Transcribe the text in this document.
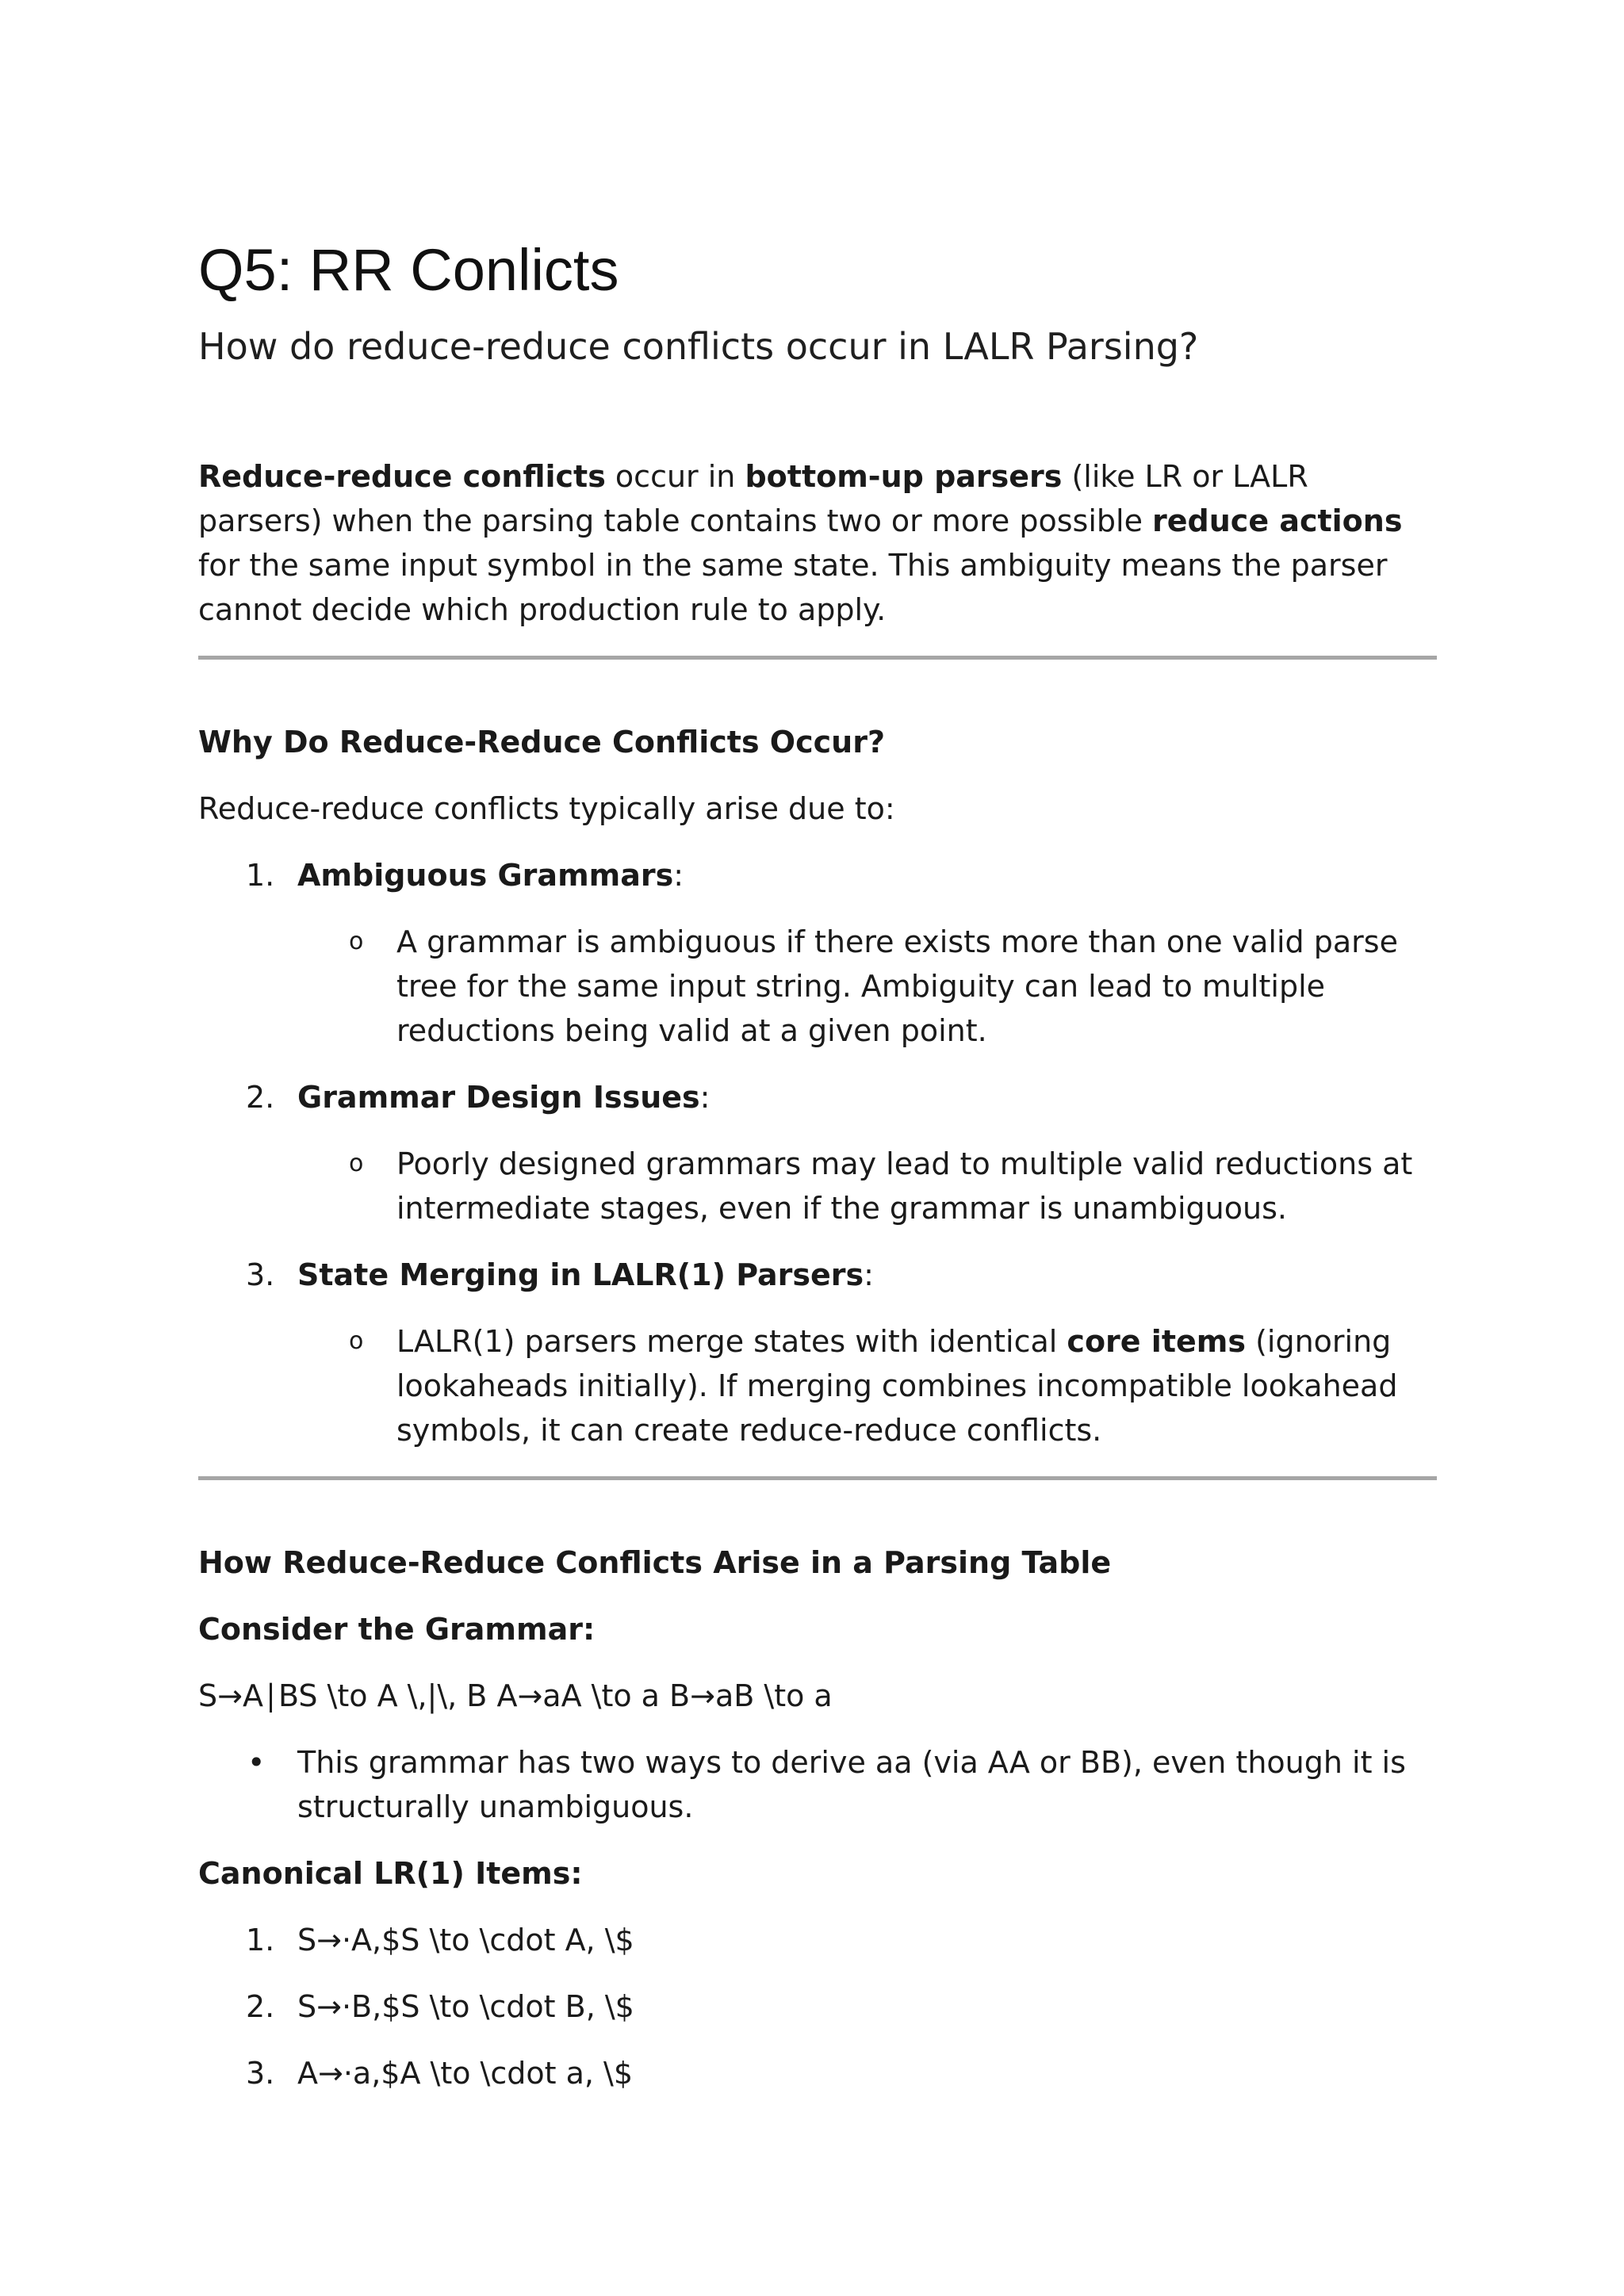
Q5: RR Conlicts
How do reduce-reduce conflicts occur in LALR Parsing?

Reduce-reduce conflicts occur in bottom-up parsers (like LR or LALR parsers) when the parsing table contains two or more possible reduce actions for the same input symbol in the same state. This ambiguity means the parser cannot decide which production rule to apply.

Why Do Reduce-Reduce Conflicts Occur?

Reduce-reduce conflicts typically arise due to:

1. Ambiguous Grammars:
o A grammar is ambiguous if there exists more than one valid parse tree for the same input string. Ambiguity can lead to multiple reductions being valid at a given point.
2. Grammar Design Issues:
o Poorly designed grammars may lead to multiple valid reductions at intermediate stages, even if the grammar is unambiguous.
3. State Merging in LALR(1) Parsers:
o LALR(1) parsers merge states with identical core items (ignoring lookaheads initially). If merging combines incompatible lookahead symbols, it can create reduce-reduce conflicts.

How Reduce-Reduce Conflicts Arise in a Parsing Table

Consider the Grammar:

S→A∣BS \to A \,|\, B A→aA \to a B→aB \to a

• This grammar has two ways to derive aa (via AA or BB), even though it is structurally unambiguous.

Canonical LR(1) Items:

1. S→⋅A,$S \to \cdot A, \$
2. S→⋅B,$S \to \cdot B, \$
3. A→⋅a,$A \to \cdot a, \$
